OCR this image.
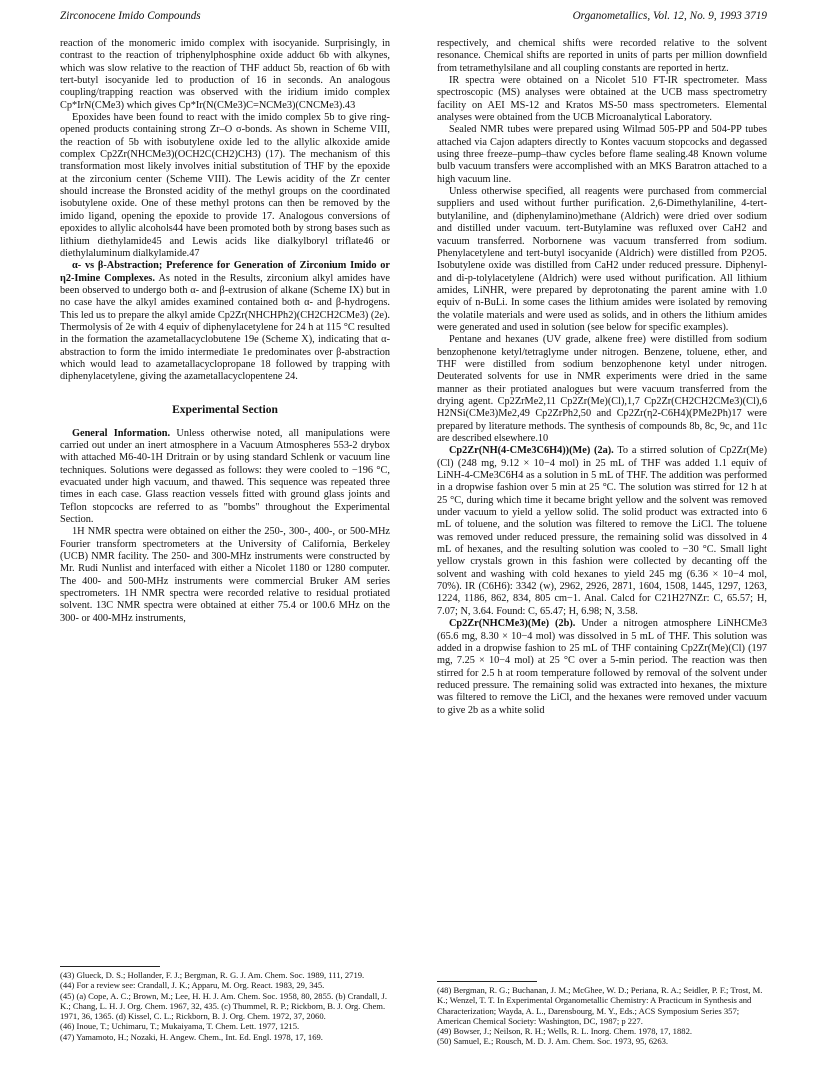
Zirconocene Imido Compounds	Organometallics, Vol. 12, No. 9, 1993 3719

reaction of the monomeric imido complex with isocyanide. Surprisingly, in contrast to the reaction of triphenylphosphine oxide adduct 6b with alkynes, which was slow relative to the reaction of THF adduct 5b, reaction of 6b with tert-butyl isocyanide led to production of 16 in seconds. An analogous coupling/trapping reaction was observed with the iridium imido complex Cp*IrN(CMe3) which gives Cp*Ir(N(CMe3)C=NCMe3)(CNCMe3).43

Epoxides have been found to react with the imido complex 5b to give ring-opened products containing strong Zr–O σ-bonds. As shown in Scheme VIII, the reaction of 5b with isobutylene oxide led to the allylic alkoxide amide complex Cp2Zr(NHCMe3)(OCH2C(CH2)CH3) (17). The mechanism of this transformation most likely involves initial substitution of THF by the epoxide at the zirconium center (Scheme VIII). The Lewis acidity of the Zr center should increase the Bronsted acidity of the methyl groups on the coordinated isobutylene oxide. One of these methyl protons can then be removed by the imido ligand, opening the epoxide to provide 17. Analogous conversions of epoxides to allylic alcohols44 have been promoted both by strong bases such as lithium diethylamide45 and Lewis acids like dialkylboryl triflate46 or diethylaluminum dialkylamide.47

α- vs β-Abstraction; Preference for Generation of Zirconium Imido or η2-Imine Complexes. As noted in the Results, zirconium alkyl amides have been observed to undergo both α- and β-extrusion of alkane (Scheme IX) but in no case have the alkyl amides examined contained both α- and β-hydrogens. This led us to prepare the alkyl amide Cp2Zr(NHCHPh2)(CH2CH2CMe3) (2e). Thermolysis of 2e with 4 equiv of diphenylacetylene for 24 h at 115 °C resulted in the formation the azametallacyclobutene 19e (Scheme X), indicating that α-abstraction to form the imido intermediate 1e predominates over β-abstraction which would lead to azametallacyclopropane 18 followed by trapping with diphenylacetylene, giving the azametallacyclopentene 24.

Experimental Section

General Information. Unless otherwise noted, all manipulations were carried out under an inert atmosphere in a Vacuum Atmospheres 553-2 drybox with attached M6-40-1H Dritrain or by using standard Schlenk or vacuum line techniques. Solutions were degassed as follows: they were cooled to −196 °C, evacuated under high vacuum, and thawed. This sequence was repeated three times in each case. Glass reaction vessels fitted with ground glass joints and Teflon stopcocks are referred to as "bombs" throughout the Experimental Section.

1H NMR spectra were obtained on either the 250-, 300-, 400-, or 500-MHz Fourier transform spectrometers at the University of California, Berkeley (UCB) NMR facility. The 250- and 300-MHz instruments were constructed by Mr. Rudi Nunlist and interfaced with either a Nicolet 1180 or 1280 computer. The 400- and 500-MHz instruments were commercial Bruker AM series spectrometers. 1H NMR spectra were recorded relative to residual protiated solvent. 13C NMR spectra were obtained at either 75.4 or 100.6 MHz on the 300- or 400-MHz instruments,

respectively, and chemical shifts were recorded relative to the solvent resonance. Chemical shifts are reported in units of parts per million downfield from tetramethylsilane and all coupling constants are reported in hertz.

IR spectra were obtained on a Nicolet 510 FT-IR spectrometer. Mass spectroscopic (MS) analyses were obtained at the UCB mass spectrometry facility on AEI MS-12 and Kratos MS-50 mass spectrometers. Elemental analyses were obtained from the UCB Microanalytical Laboratory.

Sealed NMR tubes were prepared using Wilmad 505-PP and 504-PP tubes attached via Cajon adapters directly to Kontes vacuum stopcocks and degassed using three freeze–pump–thaw cycles before flame sealing.48 Known volume bulb vacuum transfers were accomplished with an MKS Baratron attached to a high vacuum line.

Unless otherwise specified, all reagents were purchased from commercial suppliers and used without further purification. 2,6-Dimethylaniline, 4-tert-butylaniline, and (diphenylamino)methane (Aldrich) were dried over sodium and distilled under vacuum. tert-Butylamine was refluxed over CaH2 and vacuum transferred. Norbornene was vacuum transferred from sodium. Phenylacetylene and tert-butyl isocyanide (Aldrich) were distilled from P2O5. Isobutylene oxide was distilled from CaH2 under reduced pressure. Diphenyl- and di-p-tolylacetylene (Aldrich) were used without purification. All lithium amides, LiNHR, were prepared by deprotonating the parent amine with 1.0 equiv of n-BuLi. In some cases the lithium amides were isolated by removing the volatile materials and were used as solids, and in others the lithium amides were generated and used in solution (see below for specific examples).

Pentane and hexanes (UV grade, alkene free) were distilled from sodium benzophenone ketyl/tetraglyme under nitrogen. Benzene, toluene, ether, and THF were distilled from sodium benzophenone ketyl under nitrogen. Deuterated solvents for use in NMR experiments were dried in the same manner as their protiated analogues but were vacuum transferred from the drying agent. Cp2ZrMe2,11 Cp2Zr(Me)(Cl),1,7 Cp2Zr(CH2CH2CMe3)(Cl),6 H2NSi(CMe3)Me2,49 Cp2ZrPh2,50 and Cp2Zr(η2-C6H4)(PMe2Ph)17 were prepared by literature methods. The synthesis of compounds 8b, 8c, 9c, and 11c are described elsewhere.10

Cp2Zr(NH(4-CMe3C6H4))(Me) (2a). To a stirred solution of Cp2Zr(Me)(Cl) (248 mg, 9.12 × 10−4 mol) in 25 mL of THF was added 1.1 equiv of LiNH-4-CMe3C6H4 as a solution in 5 mL of THF. The addition was performed in a dropwise fashion over 5 min at 25 °C. The solution was stirred for 12 h at 25 °C, during which time it became bright yellow and the solvent was removed under vacuum to yield a yellow solid. The solid product was extracted into 6 mL of toluene, and the solution was filtered to remove the LiCl. The toluene was removed under reduced pressure, the remaining solid was dissolved in 4 mL of hexanes, and the resulting solution was cooled to −30 °C. Small light yellow crystals grown in this fashion were collected by decanting off the solvent and washing with cold hexanes to yield 245 mg (6.36 × 10−4 mol, 70%). IR (C6H6): 3342 (w), 2962, 2926, 2871, 1604, 1508, 1445, 1297, 1263, 1224, 1186, 862, 834, 805 cm−1. Anal. Calcd for C21H27NZr: C, 65.57; H, 7.07; N, 3.64. Found: C, 65.47; H, 6.98; N, 3.58.

Cp2Zr(NHCMe3)(Me) (2b). Under a nitrogen atmosphere LiNHCMe3 (65.6 mg, 8.30 × 10−4 mol) was dissolved in 5 mL of THF. This solution was added in a dropwise fashion to 25 mL of THF containing Cp2Zr(Me)(Cl) (197 mg, 7.25 × 10−4 mol) at 25 °C over a 5-min period. The reaction was then stirred for 2.5 h at room temperature followed by removal of the solvent under reduced pressure. The remaining solid was extracted into hexanes, the mixture was filtered to remove the LiCl, and the hexanes were removed under vacuum to give 2b as a white solid

(43) Glueck, D. S.; Hollander, F. J.; Bergman, R. G. J. Am. Chem. Soc. 1989, 111, 2719.

(44) For a review see: Crandall, J. K.; Apparu, M. Org. React. 1983, 29, 345.

(45) (a) Cope, A. C.; Brown, M.; Lee, H. H. J. Am. Chem. Soc. 1958, 80, 2855. (b) Crandall, J. K.; Chang, L. H. J. Org. Chem. 1967, 32, 435. (c) Thummel, R. P.; Rickborn, B. J. Org. Chem. 1971, 36, 1365. (d) Kissel, C. L.; Rickborn, B. J. Org. Chem. 1972, 37, 2060.

(46) Inoue, T.; Uchimaru, T.; Mukaiyama, T. Chem. Lett. 1977, 1215.

(47) Yamamoto, H.; Nozaki, H. Angew. Chem., Int. Ed. Engl. 1978, 17, 169.

(48) Bergman, R. G.; Buchanan, J. M.; McGhee, W. D.; Periana, R. A.; Seidler, P. F.; Trost, M. K.; Wenzel, T. T. In Experimental Organometallic Chemistry: A Practicum in Synthesis and Characterization; Wayda, A. L., Darensbourg, M. Y., Eds.; ACS Symposium Series 357; American Chemical Society: Washington, DC, 1987; p 227.

(49) Bowser, J.; Neilson, R. H.; Wells, R. L. Inorg. Chem. 1978, 17, 1882.

(50) Samuel, E.; Rousch, M. D. J. Am. Chem. Soc. 1973, 95, 6263.
